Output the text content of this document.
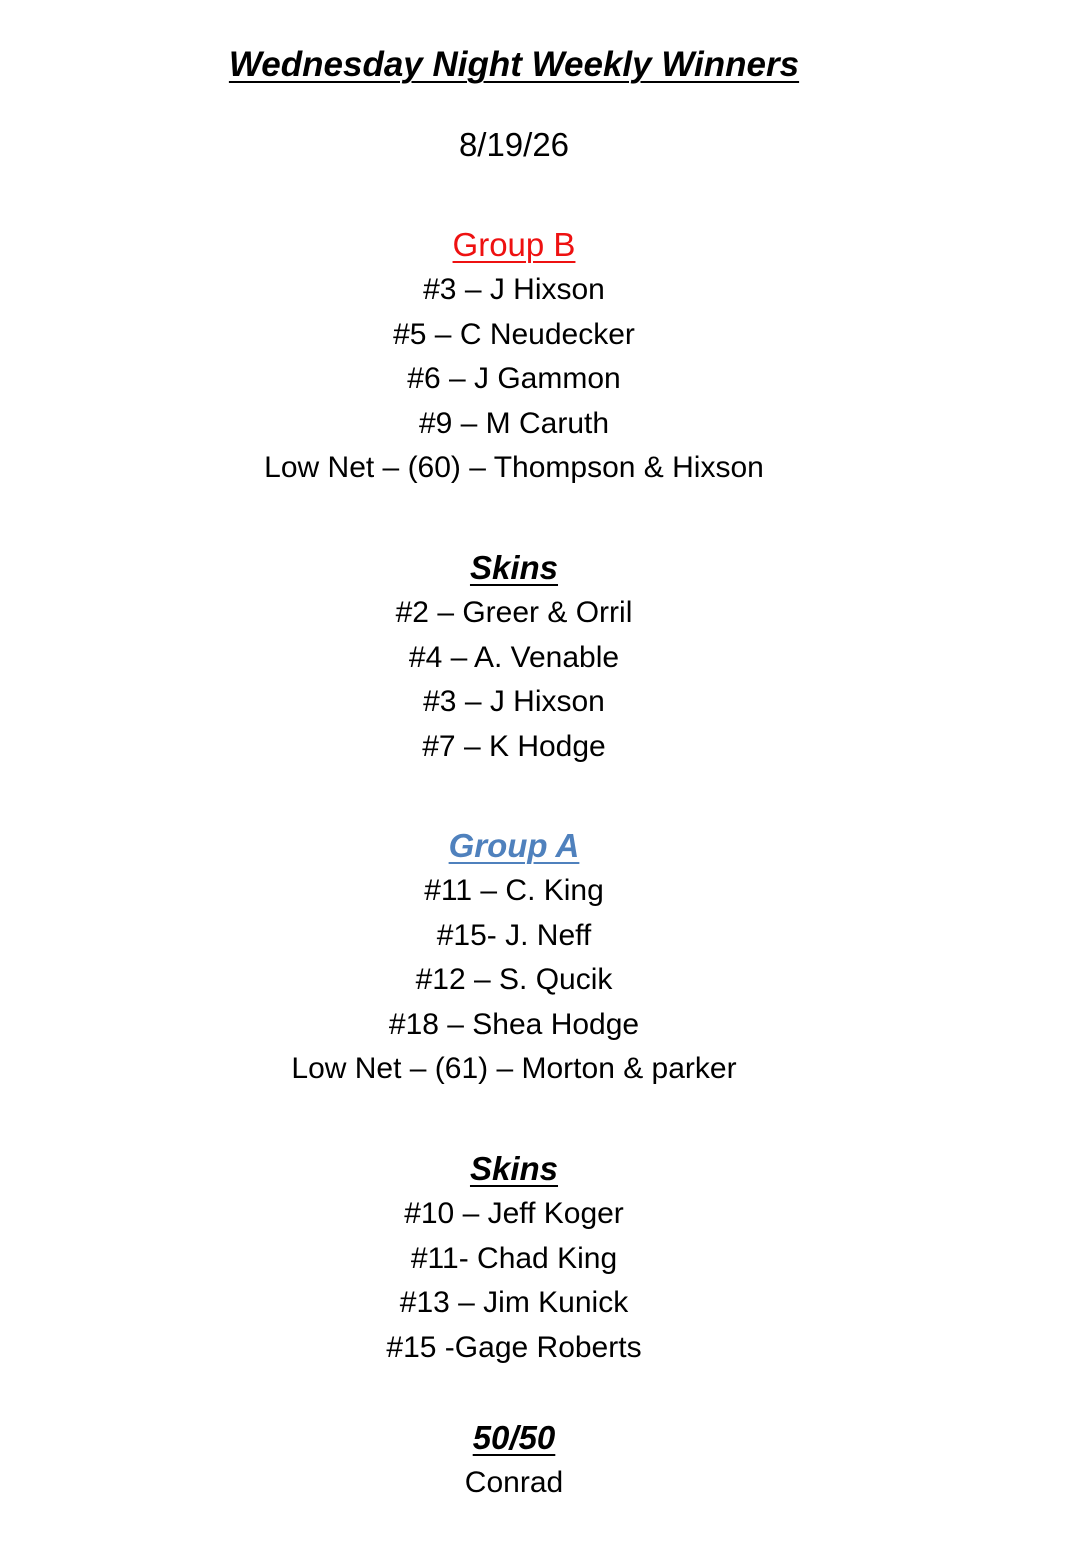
Wednesday Night Weekly Winners
8/19/26
Group B
#3 – J Hixson
#5 – C Neudecker
#6 – J Gammon
#9 – M Caruth
Low Net – (60) – Thompson & Hixson
Skins
#2 – Greer & Orril
#4 – A. Venable
#3 – J Hixson
#7 – K Hodge
Group A
#11 – C. King
#15- J. Neff
#12 – S. Qucik
#18 – Shea Hodge
Low Net – (61) – Morton & parker
Skins
#10 – Jeff Koger
#11- Chad King
#13 – Jim Kunick
#15 -Gage Roberts
50/50
Conrad
